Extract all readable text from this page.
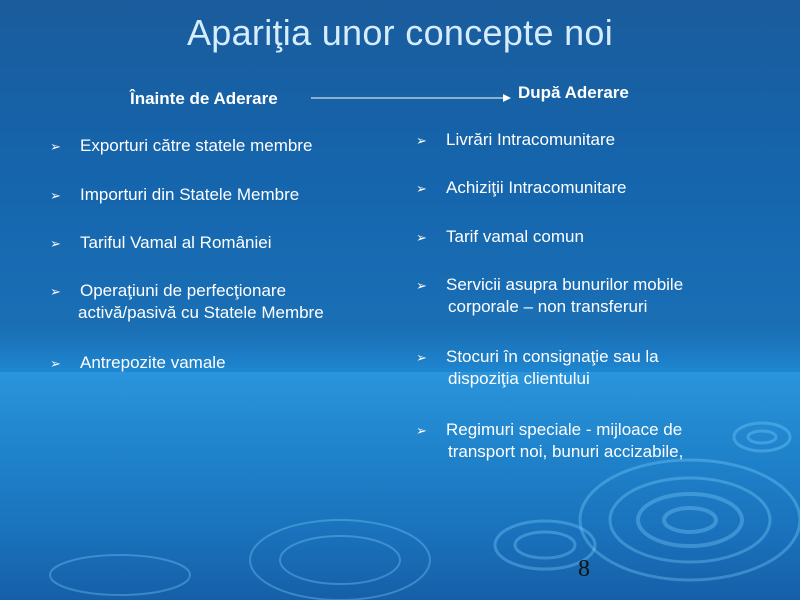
Apariţia unor concepte noi
Înainte de Aderare	După Aderare
➢ Exporturi către statele membre
➢ Importuri din Statele Membre
➢ Tariful Vamal al României
➢ Operaţiuni de perfecţionare
activă/pasivă cu Statele Membre
➢ Antrepozite vamale
➢ Livrări Intracomunitare
➢ Achiziţii Intracomunitare
➢ Tarif vamal comun
➢ Servicii asupra bunurilor mobile
corporale – non transferuri
➢ Stocuri în consignaţie sau la
dispoziţia clientului
➢ Regimuri speciale - mijloace de
transport noi, bunuri accizabile,
8
